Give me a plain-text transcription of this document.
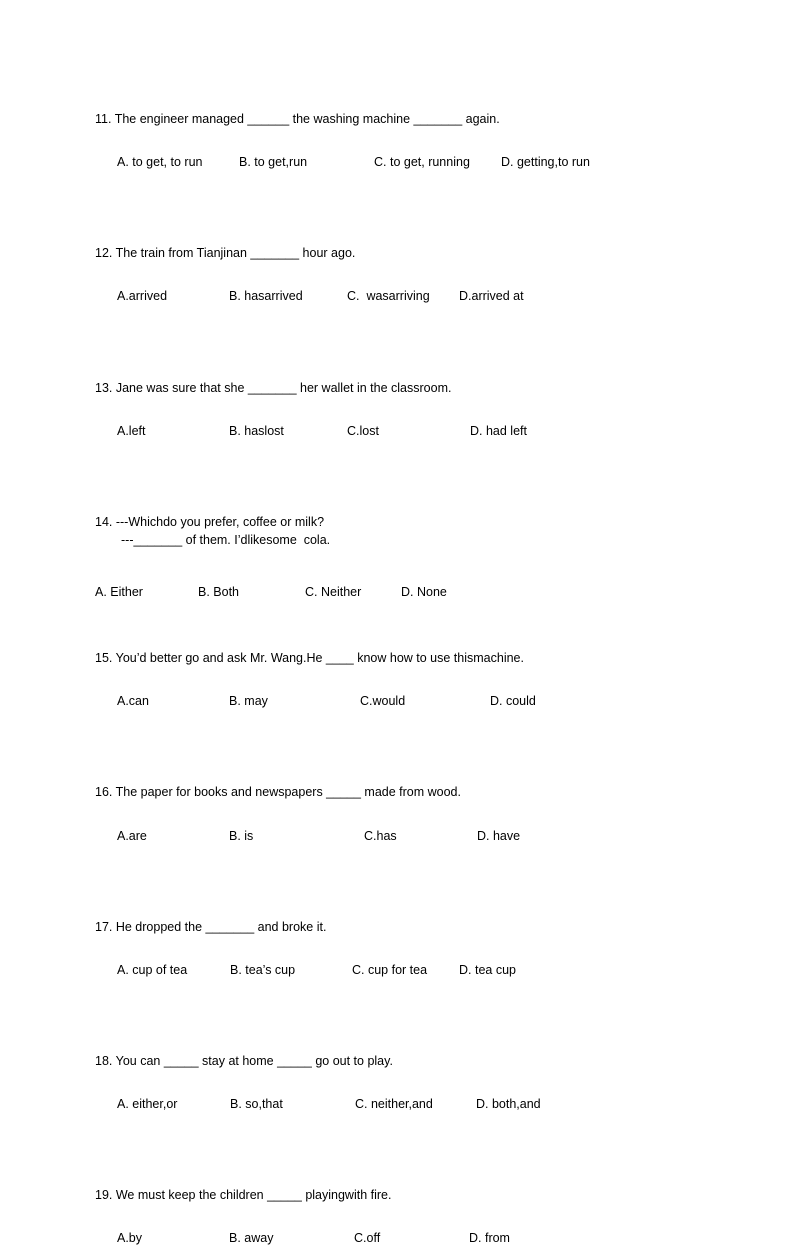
11. The engineer managed ______ the washing machine _______ again.

A. to get, to run	B. to get,run	C. to get, running	D. getting,to run

12. The train from Tianjinan _______ hour ago.

A.arrived	B. hasarrived	C.  wasarriving	D.arrived at

13. Jane was sure that she _______ her wallet in the classroom.

A.left	B. haslost	C.lost	D. had left

14. ---Whichdo you prefer, coffee or milk?

---_______ of them. I’dlikesome  cola.

A. Either	B. Both	C. Neither	D. None

15. You’d better go and ask Mr. Wang.He ____ know how to use thismachine.

A.can	B. may	C.would	D. could

16. The paper for books and newspapers _____ made from wood.

A.are	B. is	C.has	D. have

17. He dropped the _______ and broke it.

A. cup of tea	B. tea’s cup	C. cup for tea	D. tea cup

18. You can _____ stay at home _____ go out to play.

A. either,or	B. so,that	C. neither,and	D. both,and

19. We must keep the children _____ playingwith fire.

A.by	B. away	C.off	D. from
